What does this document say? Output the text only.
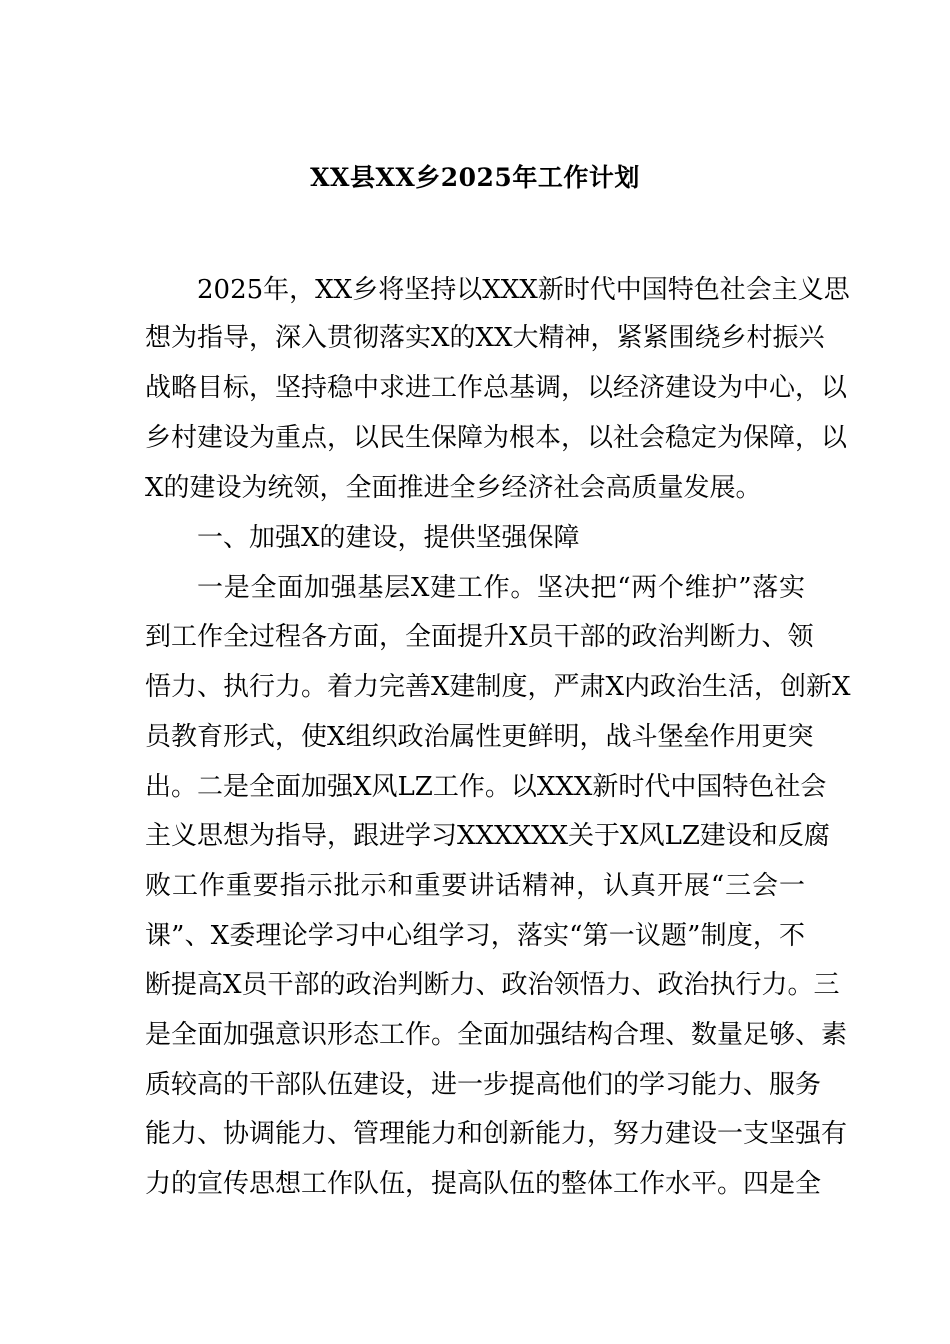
XX县XX乡2025年工作计划
2025年，XX乡将坚持以XXX新时代中国特色社会主义思
想为指导，深入贯彻落实X的XX大精神，紧紧围绕乡村振兴
战略目标，坚持稳中求进工作总基调，以经济建设为中心，以
乡村建设为重点，以民生保障为根本，以社会稳定为保障，以
X的建设为统领，全面推进全乡经济社会高质量发展。
一、加强X的建设，提供坚强保障
一是全面加强基层X建工作。坚决把“两个维护”落实
到工作全过程各方面，全面提升X员干部的政治判断力、领
悟力、执行力。着力完善X建制度，严肃X内政治生活，创新X
员教育形式，使X组织政治属性更鲜明，战斗堡垒作用更突
出。二是全面加强X风LZ工作。以XXX新时代中国特色社会
主义思想为指导，跟进学习XXXXXX关于X风LZ建设和反腐
败工作重要指示批示和重要讲话精神，认真开展“三会一
课”、X委理论学习中心组学习，落实“第一议题”制度，不
断提高X员干部的政治判断力、政治领悟力、政治执行力。三
是全面加强意识形态工作。全面加强结构合理、数量足够、素
质较高的干部队伍建设，进一步提高他们的学习能力、服务
能力、协调能力、管理能力和创新能力，努力建设一支坚强有
力的宣传思想工作队伍，提高队伍的整体工作水平。四是全
